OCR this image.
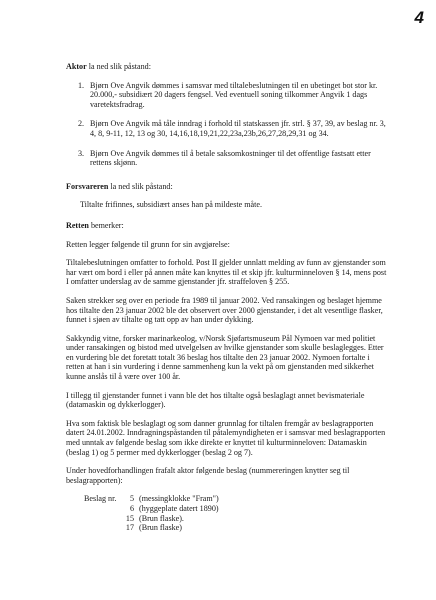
4

Aktor la ned slik påstand:

1. Bjørn Ove Angvik dømmes i samsvar med tiltalebeslutningen til en ubetinget bot stor kr. 20.000,- subsidiært 20 dagers fengsel. Ved eventuell soning tilkommer Angvik 1 dags varetektsfradrag.
2. Bjørn Ove Angvik må tåle inndrag i forhold til statskassen jfr. strl. § 37, 39, av beslag nr. 3, 4, 8, 9-11, 12, 13 og 30, 14,16,18,19,21,22,23a,23b,26,27,28,29,31 og 34.
3. Bjørn Ove Angvik dømmes til å betale saksomkostninger til det offentlige fastsatt etter rettens skjønn.

Forsvareren la ned slik påstand:

Tiltalte frifinnes, subsidiært anses han på mildeste måte.

Retten bemerker:

Retten legger følgende til grunn for sin avgjørelse:

Tiltalebeslutningen omfatter to forhold. Post II gjelder unnlatt melding av funn av gjenstander som har vært om bord i eller på annen måte kan knyttes til et skip jfr. kulturminneloven § 14, mens post I omfatter underslag av de samme gjenstander jfr. straffeloven § 255.

Saken strekker seg over en periode fra 1989 til januar 2002. Ved ransakingen og beslaget hjemme hos tiltalte den 23 januar 2002 ble det observert over 2000 gjenstander, i det alt vesentlige flasker, funnet i sjøen av tiltalte og tatt opp av han under dykking.

Sakkyndig vitne, forsker marinarkeolog, v/Norsk Sjøfartsmuseum Pål Nymoen var med politiet under ransakingen og bistod med utvelgelsen av hvilke gjenstander som skulle beslaglegges. Etter en vurdering ble det foretatt totalt 36 beslag hos tiltalte den 23 januar 2002. Nymoen fortalte i retten at han i sin vurdering i denne sammenheng kun la vekt på om gjenstanden med sikkerhet kunne anslås til å være over 100 år.

I tillegg til gjenstander funnet i vann ble det hos tiltalte også beslaglagt annet bevismateriale (datamaskin og dykkerlogger).

Hva som faktisk ble beslaglagt og som danner grunnlag for tiltalen fremgår av beslagrapporten datert 24.01.2002. Inndragningspåstanden til påtalemyndigheten er i samsvar med beslagrapporten med unntak av følgende beslag som ikke direkte er knyttet til kulturminneloven: Datamaskin (beslag 1) og 5 permer med dykkerlogger (beslag 2 og 7).

Under hovedforhandlingen frafalt aktor følgende beslag (nummereringen knytter seg til beslagrapporten):

Beslag nr.	5	(messingklokke "Fram")
	6	(hyggeplate datert 1890)
	15	(Brun flaske).
	17	(Brun flaske)
